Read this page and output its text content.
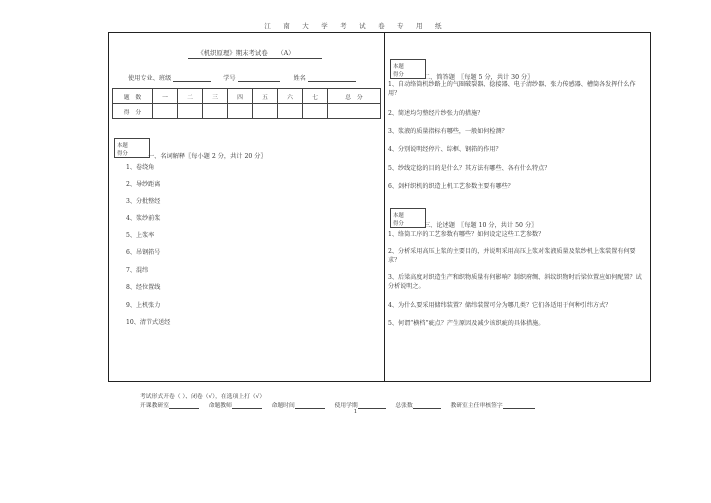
江 南 大 学 考 试 卷 专 用 纸
《机织原理》期末考试卷　　（A）
使用专业、班级	学号	姓名
题　数	一	二	三	四	五	六	七	总　分
得　分								
本题
得分	一、名词解释〖每小题 2 分，共计 20 分〗
1、卷绕角
2、导纱距离
3、分批整经
4、浆纱前浆
5、上浆率
6、吊钢筘号
7、混纬
8、经位置线
9、上机张力
10、清节式送经
本题
得分	二、简答题　〖每题 5 分，共计 30 分〗
1、自动络筒机纱路上的气圈破裂器、捻接器、电子清纱器、张力传感器、槽筒各发挥什么作用？
2、简述均匀整经片纱张力的措施？
3、浆液的质量指标有哪些，一般如何检测？
4、分别说明经停片、综框、钢筘的作用？
5、纱线定捻的目的是什么？其方法有哪些、各有什么特点？
6、剑杆织机的织造上机工艺参数主要有哪些？
本题
得分	三、论述题　〖每题 10 分，共计 50 分〗
1、络筒工序的工艺参数有哪些？如何设定这些工艺参数？
2、分析采用高压上浆的主要目的，并说明采用高压上浆对浆液质量及浆纱机上浆装置有何要求？
3、后梁高度对织造生产和织物质量有何影响？制织府绸、斜纹织物时后梁位置应如何配置？试分析说明之。
4、为什么要采用储纬装置？储纬装置可分为哪几类？它们各适用于何种引纬方式？
5、何谓“横档”疵点？产生原因及减少该织疵的具体措施。
考试形式开卷（ ）、闭卷（√），在选项上打（√）
开课教研室	命题教师	命题时间	使用学期	总张数	教研室主任审核签字
1
